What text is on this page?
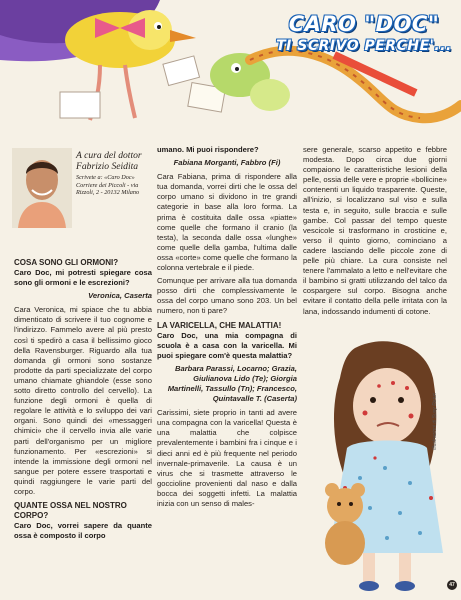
CARO "DOC"
TI SCRIVO PERCHE'...
A cura del dottor Fabrizio Seidita
Scrivete a: «Caro Doc» Corriere dei Piccoli - via Rizzoli, 2 - 20132 Milano
COSA SONO GLI ORMONI?

Caro Doc, mi potresti spiegare cosa sono gli ormoni e le escrezioni?

Veronica, Caserta

Cara Veronica, mi spiace che tu abbia dimenticato di scrivere il tuo cognome e l'indirizzo. Fammelo avere al più presto così ti spedirò a casa il bellissimo gioco della Ravensburger. Riguardo alla tua domanda gli ormoni sono sostanze prodotte da parti specializzate del corpo umano chiamate ghiandole (esse sono sotto diretto controllo del cervello). La funzione degli ormoni è quella di regolare le attività e lo sviluppo dei vari organi. Sono quindi dei «messaggeri chimici» che il cervello invia alle varie parti dell'organismo per un migliore funzionamento. Per «escrezioni» si intende la immissione degli ormoni nel sangue per potere essere trasportati e quindi raggiungere le varie parti del corpo.

QUANTE OSSA NEL NOSTRO CORPO?

Caro Doc, vorrei sapere da quante ossa è composto il corpo

umano. Mi puoi rispondere?

Fabiana Morganti, Fabbro (Fi)

Cara Fabiana, prima di rispondere alla tua domanda, vorrei dirti che le ossa del corpo umano si dividono in tre grandi categorie in base alla loro forma. La prima è costituita dalle ossa «piatte» come quelle che formano il cranio (la testa), la seconda dalle ossa «lunghe» come quelle della gamba, l'ultima dalle ossa «corte» come quelle che formano la colonna vertebrale e il piede.

Comunque per arrivare alla tua domanda posso dirti che complessivamente le ossa del corpo umano sono 203. Un bel numero, non ti pare?

LA VARICELLA, CHE MALATTIA!

Caro Doc, una mia compagna di scuola è a casa con la varicella. Mi puoi spiegare com'è questa malattia?

Barbara Parassi, Locarno; Grazia, Giulianova Lido (Te); Giorgia Martinelli, Tassullo (Tn); Francesco, Quintavalle T. (Caserta)

Carissimi, siete proprio in tanti ad avere una compagna con la varicella! Questa è una malattia che colpisce prevalentemente i bambini fra i cinque e i dieci anni ed è più frequente nel periodo invernale-primaverile. La causa è un virus che si trasmette attraverso le goccioline provenienti dal naso e dalla bocca dei soggetti infetti. La malattia inizia con un senso di males-

sere generale, scarso appetito e febbre modesta. Dopo circa due giorni compaiono le caratteristiche lesioni della pelle, ossia delle vere e proprie «bollicine» contenenti un liquido trasparente. Queste, all'inizio, si localizzano sul viso e sulla testa e, in seguito, sulle braccia e sulle gambe. Col passar del tempo queste vescicole si trasformano in crosticine e, verso il quinto giorno, cominciano a cadere lasciando delle piccole zone di pelle più chiare. La cura consiste nel tenere l'ammalato a letto e nell'evitare che il bambino si gratti utilizzando del talco da cospargere sul corpo. Bisogna anche evitare il contatto della pelle irritata con la lana, indossando indumenti di cotone.

Illustrazioni di Susy Renzi
47
